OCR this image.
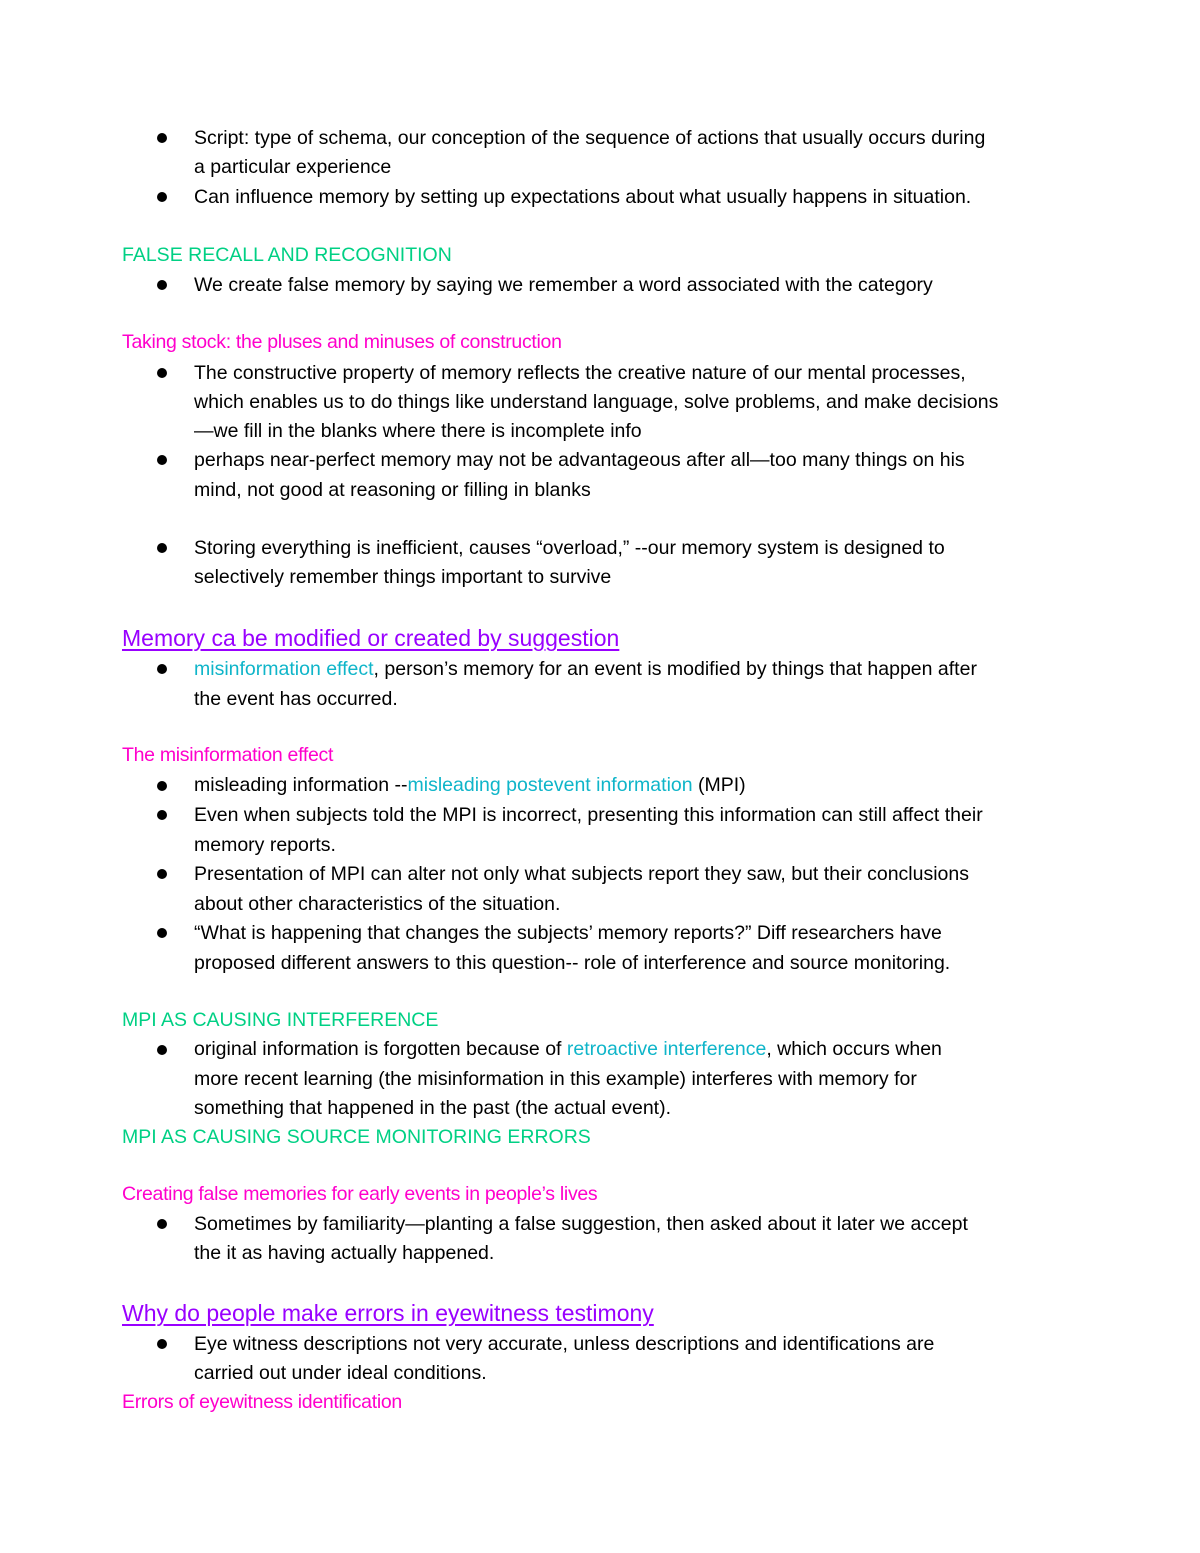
Script: type of schema, our conception of the sequence of actions that usually occurs during
a particular experience
Can influence memory by setting up expectations about what usually happens in situation.
FALSE RECALL AND RECOGNITION
We create false memory by saying we remember a word associated with the category
Taking stock: the pluses and minuses of construction
The constructive property of memory reflects the creative nature of our mental processes,
which enables us to do things like understand language, solve problems, and make decisions
—we fill in the blanks where there is incomplete info
perhaps near-perfect memory may not be advantageous after all—too many things on his
mind, not good at reasoning or filling in blanks
Storing everything is inefficient, causes “overload,” --our memory system is designed to
selectively remember things important to survive
Memory ca be modified or created by suggestion
misinformation effect, person’s memory for an event is modified by things that happen after
the event has occurred.
The misinformation effect
misleading information --misleading postevent information (MPI)
Even when subjects told the MPI is incorrect, presenting this information can still affect their
memory reports.
Presentation of MPI can alter not only what subjects report they saw, but their conclusions
about other characteristics of the situation.
“What is happening that changes the subjects’ memory reports?” Diff researchers have
proposed different answers to this question-- role of interference and source monitoring.
MPI AS CAUSING INTERFERENCE
original information is forgotten because of retroactive interference, which occurs when
more recent learning (the misinformation in this example) interferes with memory for
something that happened in the past (the actual event).
MPI AS CAUSING SOURCE MONITORING ERRORS
Creating false memories for early events in people’s lives
Sometimes by familiarity—planting a false suggestion, then asked about it later we accept
the it as having actually happened.
Why do people make errors in eyewitness testimony
Eye witness descriptions not very accurate, unless descriptions and identifications are
carried out under ideal conditions.
Errors of eyewitness identification
